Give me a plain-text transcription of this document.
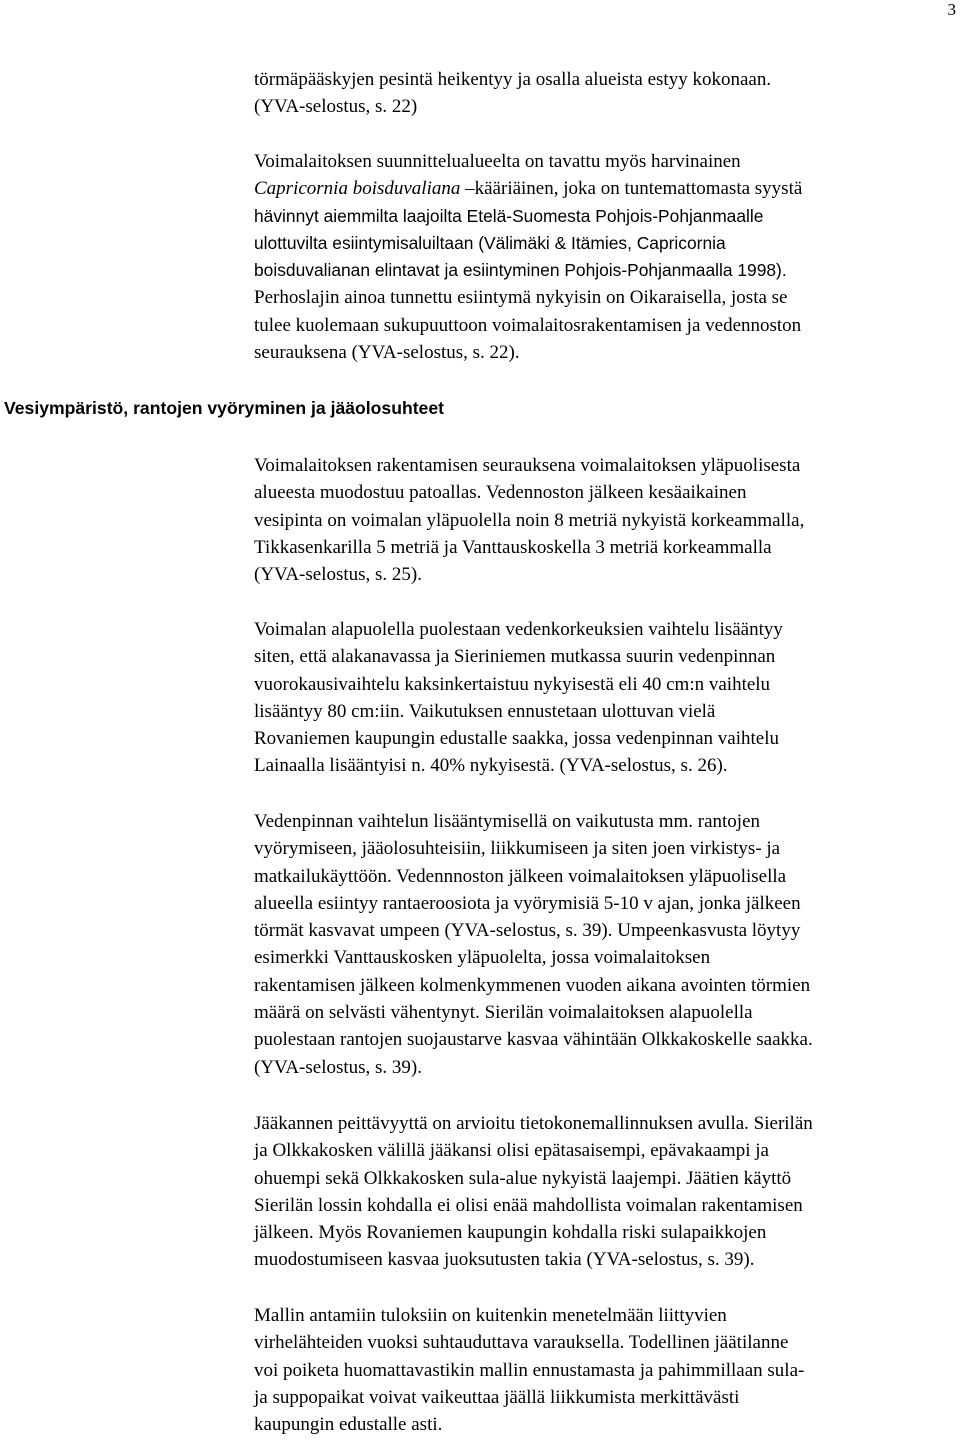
3

törmäpääskyjen pesintä heikentyy ja osalla alueista estyy kokonaan.
(YVA-selostus, s. 22)

Voimalaitoksen suunnittelualueelta on tavattu myös harvinainen
Capricornia boisduvaliana –kääriäinen, joka on tuntemattomasta syystä
hävinnyt aiemmilta laajoilta Etelä-Suomesta Pohjois-Pohjanmaalle
ulottuvilta esiintymisaluiltaan (Välimäki & Itämies, Capricornia
boisduvalianan elintavat ja esiintyminen Pohjois-Pohjanmaalla 1998).
Perhoslajin ainoa tunnettu esiintymä nykyisin on Oikaraisella, josta se
tulee kuolemaan sukupuuttoon voimalaitosrakentamisen ja vedennoston
seurauksena (YVA-selostus, s. 22).

Vesiympäristö, rantojen vyöryminen ja jääolosuhteet

Voimalaitoksen rakentamisen seurauksena voimalaitoksen yläpuolisesta
alueesta muodostuu patoallas. Vedennoston jälkeen kesäaikainen
vesipinta on voimalan yläpuolella noin 8 metriä nykyistä korkeammalla,
Tikkasenkarilla 5 metriä ja Vanttauskoskella 3 metriä korkeammalla
(YVA-selostus, s. 25).

Voimalan alapuolella puolestaan vedenkorkeuksien vaihtelu lisääntyy
siten, että alakanavassa ja Sieriniemen mutkassa suurin vedenpinnan
vuorokausivaihtelu kaksinkertaistuu nykyisestä eli 40 cm:n vaihtelu
lisääntyy 80 cm:iin. Vaikutuksen ennustetaan ulottuvan vielä
Rovaniemen kaupungin edustalle saakka, jossa vedenpinnan vaihtelu
Lainaalla lisääntyisi n. 40% nykyisestä. (YVA-selostus, s. 26).

Vedenpinnan vaihtelun lisääntymisellä on vaikutusta mm. rantojen
vyörymiseen, jääolosuhteisiin, liikkumiseen ja siten joen virkistys- ja
matkailukäyttöön. Vedennnoston jälkeen voimalaitoksen yläpuolisella
alueella esiintyy rantaeroosiota ja vyörymisiä 5-10 v ajan, jonka jälkeen
törmät kasvavat umpeen (YVA-selostus, s. 39). Umpeenkasvusta löytyy
esimerkki Vanttauskosken yläpuolelta, jossa voimalaitoksen
rakentamisen jälkeen kolmenkymmenen vuoden aikana avointen törmien
määrä on selvästi vähentynyt. Sierilän voimalaitoksen alapuolella
puolestaan rantojen suojaustarve kasvaa vähintään Olkkakoskelle saakka.
(YVA-selostus, s. 39).

Jääkannen peittävyyttä on arvioitu tietokonemallinnuksen avulla. Sierilän
ja Olkkakosken välillä jääkansi olisi epätasaisempi, epävakaampi ja
ohuempi sekä Olkkakosken sula-alue nykyistä laajempi. Jäätien käyttö
Sierilän lossin kohdalla ei olisi enää mahdollista voimalan rakentamisen
jälkeen. Myös Rovaniemen kaupungin kohdalla riski sulapaikkojen
muodostumiseen kasvaa juoksutusten takia (YVA-selostus, s. 39).

Mallin antamiin tuloksiin on kuitenkin menetelmään liittyvien
virhelähteiden vuoksi suhtauduttava varauksella. Todellinen jäätilanne
voi poiketa huomattavastikin mallin ennustamasta ja pahimmillaan sula-
ja suppopaikat voivat vaikeuttaa jäällä liikkumista merkittävästi
kaupungin edustalle asti.
